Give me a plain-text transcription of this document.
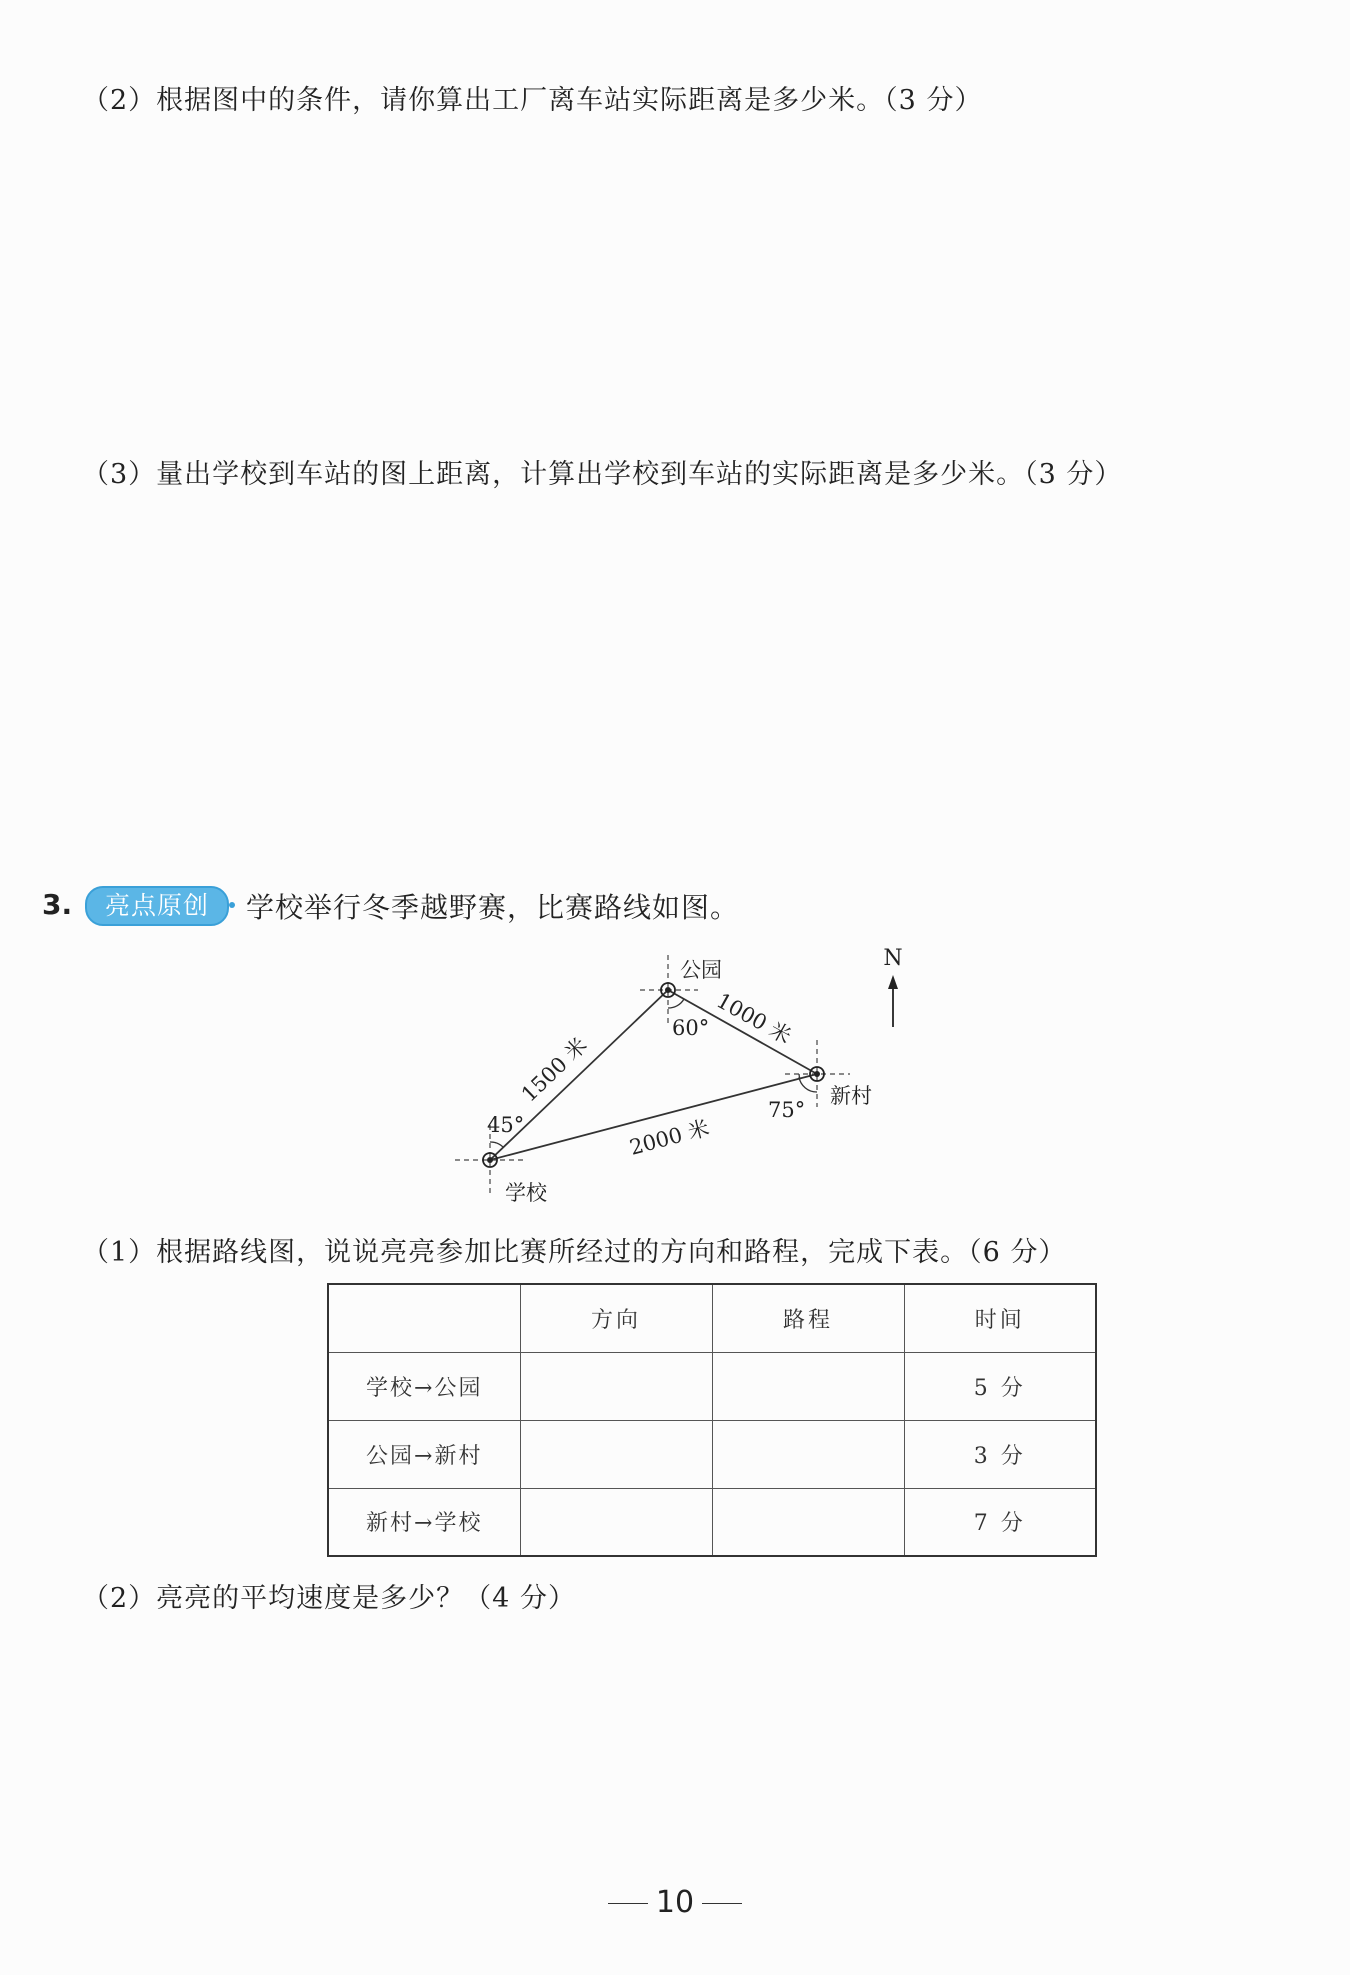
（2）根据图中的条件，请你算出工厂离车站实际距离是多少米。（3 分）
（3）量出学校到车站的图上距离，计算出学校到车站的实际距离是多少米。（3 分）
3.	亮点原创	学校举行冬季越野赛，比赛路线如图。
N
公园
新村
学校
45°
60°
75°
1500 米
1000 米
2000 米
（1）根据路线图，说说亮亮参加比赛所经过的方向和路程，完成下表。（6 分）
	方向	路程	时间
学校→公园			5 分
公园→新村			3 分
新村→学校			7 分
（2）亮亮的平均速度是多少？（4 分）
10
